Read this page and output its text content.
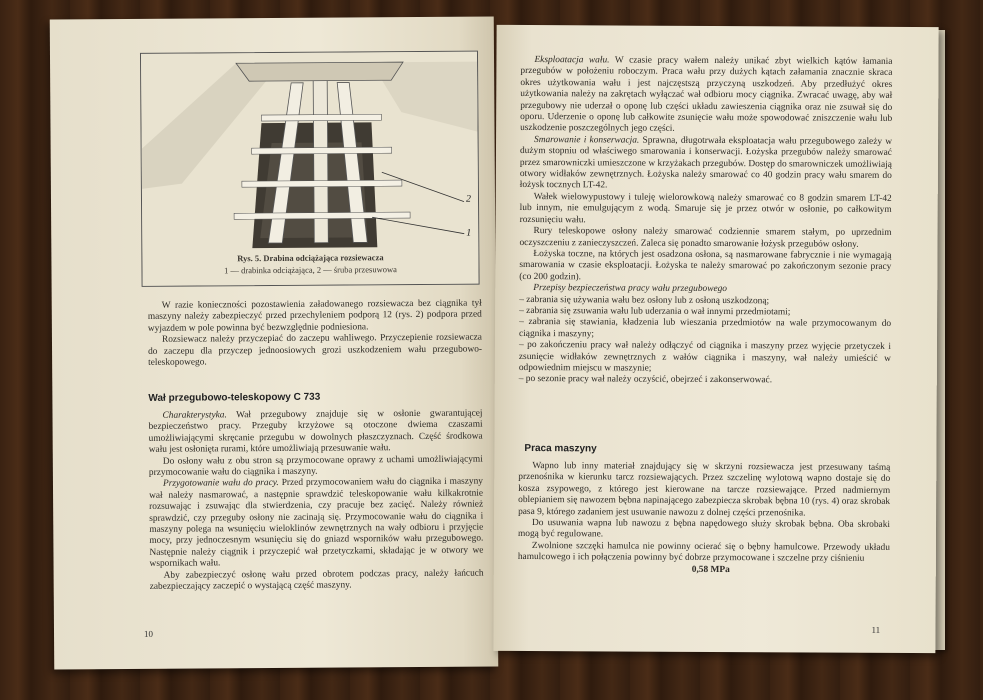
2
1
Rys. 5. Drabina odciążająca rozsiewacza
1 — drabinka odciążająca, 2 — śruba przesuwowa

W razie konieczności pozostawienia załadowanego rozsiewacza bez ciągnika tył maszyny należy zabezpieczyć przed przechyleniem podporą 12 (rys. 2) podpora przed wyjazdem w pole powinna być bezwzględnie podniesiona.

Rozsiewacz należy przyczepiać do zaczepu wahliwego. Przyczepienie rozsiewacza do zaczepu dla przyczep jednoosiowych grozi uszkodzeniem wału przegubowo-teleskopowego.

Wał przegubowo-teleskopowy C 733

Charakterystyka. Wał przegubowy znajduje się w osłonie gwarantującej bezpieczeństwo pracy. Przeguby krzyżowe są otoczone dwiema czaszami umożliwiającymi skręcanie przegubu w dowolnych płaszczyznach. Część środkowa wału jest osłonięta rurami, które umożliwiają przesuwanie wału.

Do osłony wału z obu stron są przymocowane oprawy z uchami umożliwiającymi przymocowanie wału do ciągnika i maszyny.

Przygotowanie wału do pracy. Przed przymocowaniem wału do ciągnika i maszyny wał należy nasmarować, a następnie sprawdzić teleskopowanie wału kilkakrotnie rozsuwając i zsuwając dla stwierdzenia, czy pracuje bez zacięć. Należy również sprawdzić, czy przeguby osłony nie zacinają się. Przymocowanie wału do ciągnika i maszyny polega na wsunięciu wieloklinów zewnętrznych na wały odbioru i przyjęcie mocy, przy jednoczesnym wsunięciu się do gniazd wsporników wału przegubowego. Następnie należy ciągnik i przyczepić wał przetyczkami, składając je w otwory we wspornikach wału.

Aby zabezpieczyć osłonę wału przed obrotem podczas pracy, należy łańcuch zabezpieczający zaczepić o wystającą część maszyny.

10

Eksploatacja wału. W czasie pracy wałem należy unikać zbyt wielkich kątów łamania przegubów w położeniu roboczym. Praca wału przy dużych kątach załamania znacznie skraca okres użytkowania wału i jest najczęstszą przyczyną uszkodzeń. Aby przedłużyć okres użytkowania należy na zakrętach wyłączać wał odbioru mocy ciągnika. Zwracać uwagę, aby wał przegubowy nie uderzał o oponę lub części układu zawieszenia ciągnika oraz nie zsuwał się do oporu. Uderzenie o oponę lub całkowite zsunięcie wału może spowodować zniszczenie wału lub uszkodzenie poszczególnych jego części.

Smarowanie i konserwacja. Sprawna, długotrwała eksploatacja wału przegubowego zależy w dużym stopniu od właściwego smarowania i konserwacji. Łożyska przegubów należy smarować przez smarowniczki umieszczone w krzyżakach przegubów. Dostęp do smarowniczek umożliwiają otwory widłaków zewnętrznych. Łożyska należy smarować co 40 godzin pracy wału smarem do łożysk tocznych LT-42.

Wałek wielowypustowy i tuleję wielorowkową należy smarować co 8 godzin smarem LT-42 lub innym, nie emulgującym z wodą. Smaruje się je przez otwór w osłonie, po całkowitym rozsunięciu wału.

Rury teleskopowe osłony należy smarować codziennie smarem stałym, po uprzednim oczyszczeniu z zanieczyszczeń. Zaleca się ponadto smarowanie łożysk przegubów osłony.

Łożyska toczne, na których jest osadzona osłona, są nasmarowane fabrycznie i nie wymagają smarowania w czasie eksploatacji. Łożyska te należy smarować po zakończonym sezonie pracy (co 200 godzin).

Przepisy bezpieczeństwa pracy wału przegubowego

– zabrania się używania wału bez osłony lub z osłoną uszkodzoną;
– zabrania się zsuwania wału lub uderzania o wał innymi przedmiotami;
– zabrania się stawiania, kładzenia lub wieszania przedmiotów na wale przymocowanym do ciągnika i maszyny;
– po zakończeniu pracy wał należy odłączyć od ciągnika i maszyny przez wyjęcie przetyczek i zsunięcie widłaków zewnętrznych z wałów ciągnika i maszyny, wał należy umieścić w odpowiednim miejscu w maszynie;
– po sezonie pracy wał należy oczyścić, obejrzeć i zakonserwować.
Praca maszyny

Wapno lub inny materiał znajdujący się w skrzyni rozsiewacza jest przesuwany taśmą przenośnika w kierunku tarcz rozsiewających. Przez szczelinę wylotową wapno dostaje się do kosza zsypowego, z którego jest kierowane na tarcze rozsiewające. Przed nadmiernym oblepianiem się nawozem bębna napinającego zabezpiecza skrobak bębna 10 (rys. 4) oraz skrobak pasa 9, którego zadaniem jest usuwanie nawozu z dolnej części przenośnika.

Do usuwania wapna lub nawozu z bębna napędowego służy skrobak bębna. Oba skrobaki mogą być regulowane.

Zwolnione szczęki hamulca nie powinny ocierać się o bębny hamulcowe. Przewody układu hamulcowego i ich połączenia powinny być dobrze przymocowane i szczelne przy ciśnieniu

0,58 MPa

11
